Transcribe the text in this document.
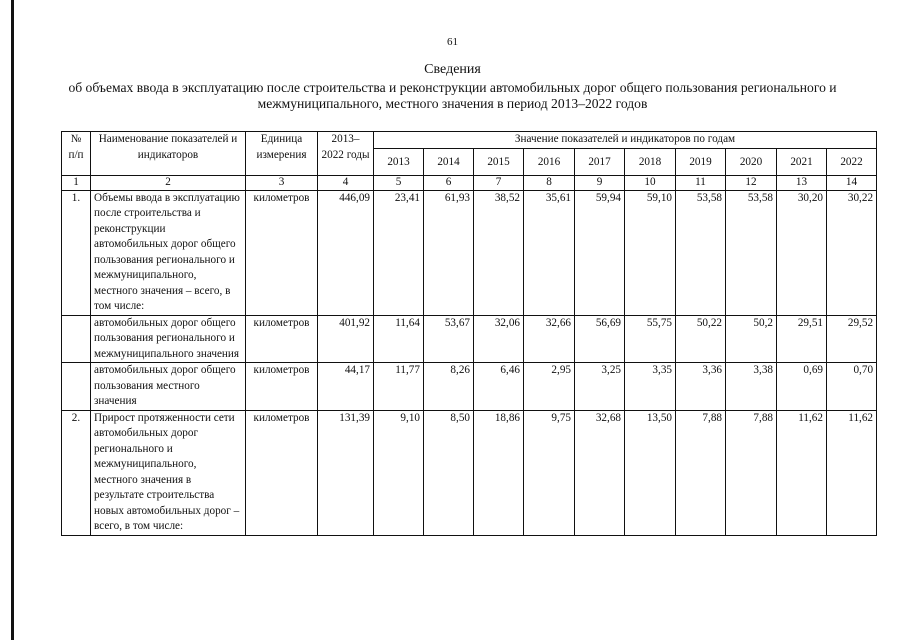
61
Сведения
об объемах ввода в эксплуатацию после строительства и реконструкции автомобильных дорог общего пользования регионального и межмуниципального, местного значения в период 2013–2022 годов
№ п/п	Наименование показателей и индикаторов	Единица измерения	2013–2022 годы	Значение показателей и индикаторов по годам									
				2013	2014	2015	2016	2017	2018	2019	2020	2021	2022
1	2	3	4	5	6	7	8	9	10	11	12	13	14
1.	Объемы ввода в эксплуатацию после строительства и реконструкции автомобильных дорог общего пользования регионального и межмуниципального, местного значения – всего, в том числе:	километров	446,09	23,41	61,93	38,52	35,61	59,94	59,10	53,58	53,58	30,20	30,22
	автомобильных дорог общего пользования регионального и межмуниципального значения	километров	401,92	11,64	53,67	32,06	32,66	56,69	55,75	50,22	50,2	29,51	29,52
	автомобильных дорог общего пользования местного значения	километров	44,17	11,77	8,26	6,46	2,95	3,25	3,35	3,36	3,38	0,69	0,70
2.	Прирост протяженности сети автомобильных дорог регионального и межмуниципального, местного значения в результате строительства новых автомобильных дорог – всего, в том числе:	километров	131,39	9,10	8,50	18,86	9,75	32,68	13,50	7,88	7,88	11,62	11,62
